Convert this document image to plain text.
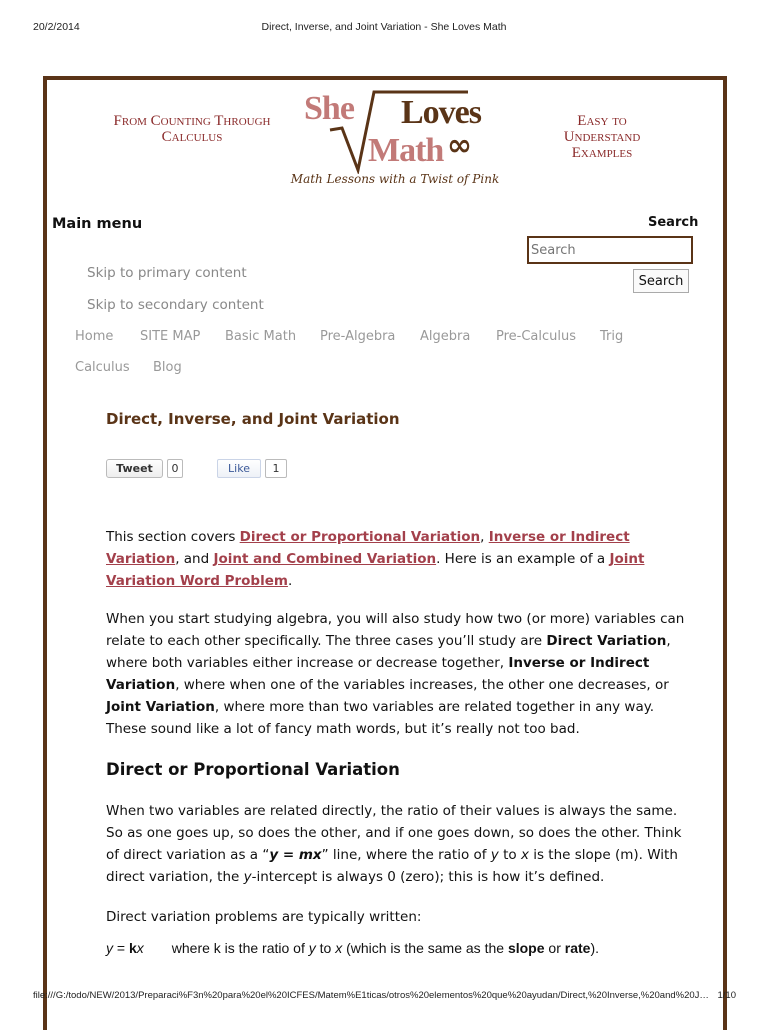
20/2/2014	Direct, Inverse, and Joint Variation - She Loves Math
From Counting Through Calculus
She Loves
Math ∞
Math Lessons with a Twist of Pink
Easy to Understand Examples
Main menu	Search
Search
Search
Skip to primary content
Skip to secondary content
Home SITE MAP Basic Math Pre-Algebra Algebra Pre-Calculus Trig
Calculus Blog
Direct, Inverse, and Joint Variation
Tweet	0	Like	1
This section covers Direct or Proportional Variation, Inverse or Indirect Variation, and Joint and Combined Variation. Here is an example of a Joint Variation Word Problem.
When you start studying algebra, you will also study how two (or more) variables can relate to each other specifically. The three cases you’ll study are Direct Variation, where both variables either increase or decrease together, Inverse or Indirect Variation, where when one of the variables increases, the other one decreases, or Joint Variation, where more than two variables are related together in any way. These sound like a lot of fancy math words, but it’s really not too bad.
Direct or Proportional Variation
When two variables are related directly, the ratio of their values is always the same. So as one goes up, so does the other, and if one goes down, so does the other. Think of direct variation as a “y = mx” line, where the ratio of y to x is the slope (m). With direct variation, the y-intercept is always 0 (zero); this is how it’s defined.
Direct variation problems are typically written:
y = kx where k is the ratio of y to x (which is the same as the slope or rate).
file:///G:/todo/NEW/2013/Preparaci%F3n%20para%20el%20ICFES/Matem%E1ticas/otros%20elementos%20que%20ayudan/Direct,%20Inverse,%20and%20J… 1/10
